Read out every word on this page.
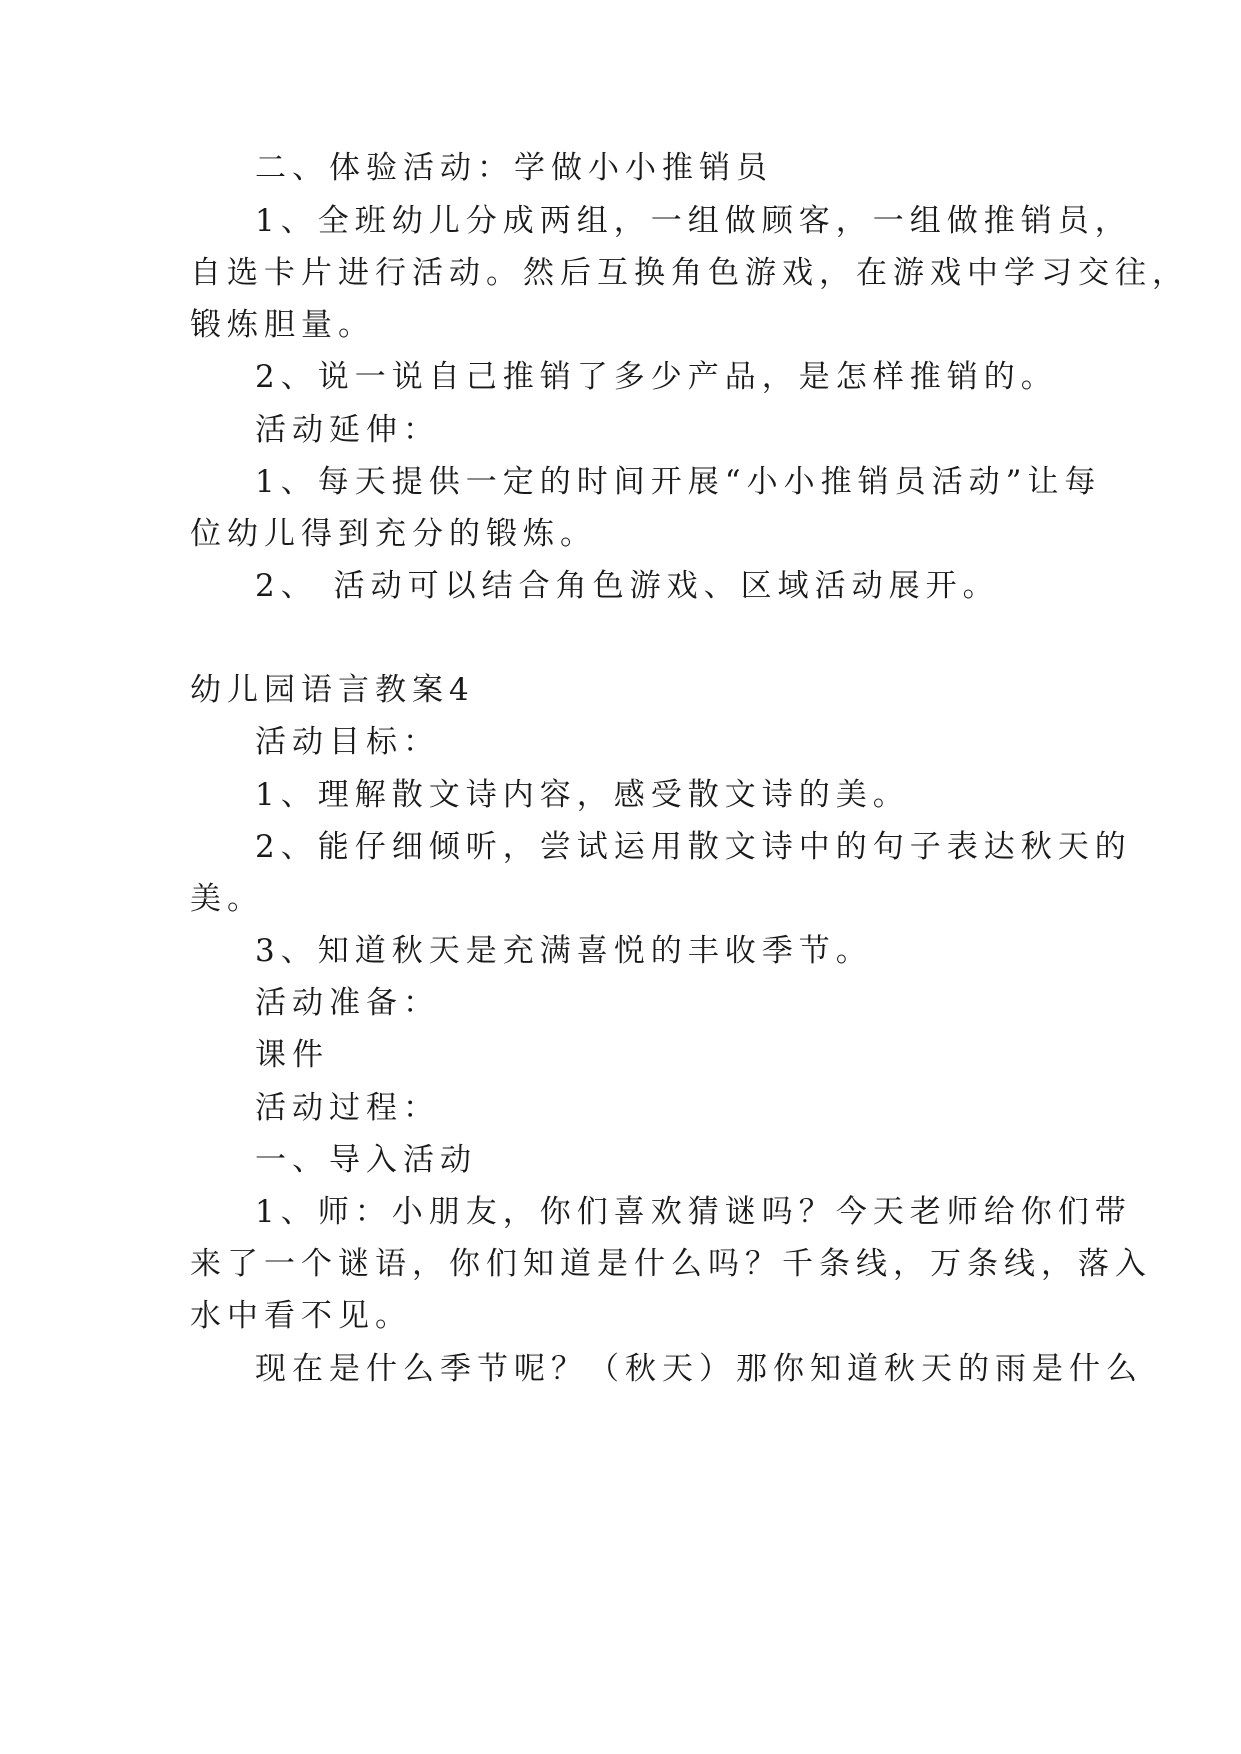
二、体验活动：学做小小推销员
1、全班幼儿分成两组，一组做顾客，一组做推销员，
自选卡片进行活动。然后互换角色游戏，在游戏中学习交往，
锻炼胆量。
2、说一说自己推销了多少产品，是怎样推销的。
活动延伸：
1、每天提供一定的时间开展“小小推销员活动”让每
位幼儿得到充分的锻炼。
2、 活动可以结合角色游戏、区域活动展开。
幼儿园语言教案4
活动目标：
1、理解散文诗内容，感受散文诗的美。
2、能仔细倾听，尝试运用散文诗中的句子表达秋天的
美。
3、知道秋天是充满喜悦的丰收季节。
活动准备：
课件
活动过程：
一、导入活动
1、师：小朋友，你们喜欢猜谜吗？今天老师给你们带
来了一个谜语，你们知道是什么吗？千条线，万条线，落入
水中看不见。
现在是什么季节呢？（秋天）那你知道秋天的雨是什么
